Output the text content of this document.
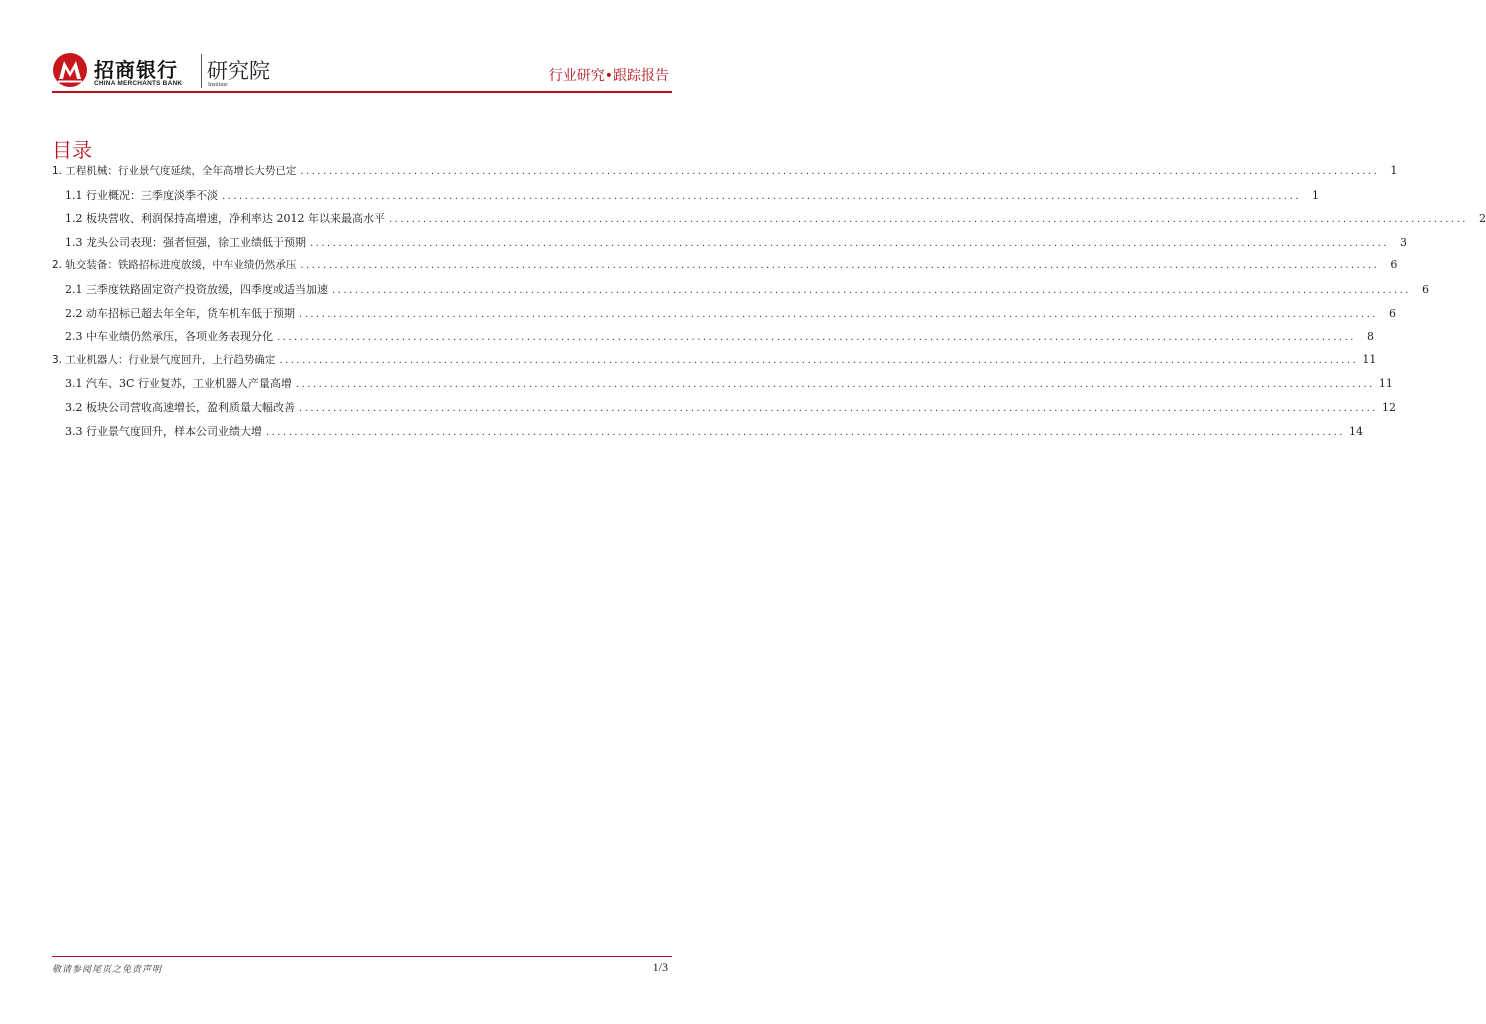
招商银行
CHINA MERCHANTS BANK
研究院
Institute
行业研究•跟踪报告
目录
1. 工程机械：行业景气度延续，全年高增长大势已定 ..............................................................................................................................................................................................	1
1.1 行业概况：三季度淡季不淡 ..............................................................................................................................................................................................	1
1.2 板块营收、利润保持高增速，净利率达 2012 年以来最高水平 ..............................................................................................................................................................................................	2
1.3 龙头公司表现：强者恒强，徐工业绩低于预期 ..............................................................................................................................................................................................	3
2. 轨交装备：铁路招标进度放缓，中车业绩仍然承压 ..............................................................................................................................................................................................	6
2.1 三季度铁路固定资产投资放缓，四季度或适当加速 ..............................................................................................................................................................................................	6
2.2 动车招标已超去年全年，货车机车低于预期 ..............................................................................................................................................................................................	6
2.3 中车业绩仍然承压，各项业务表现分化 ..............................................................................................................................................................................................	8
3. 工业机器人：行业景气度回升，上行趋势确定 .............................................................................................................................................................................................. 11
3.1 汽车、3C 行业复苏，工业机器人产量高增 .............................................................................................................................................................................................. 11
3.2 板块公司营收高速增长，盈利质量大幅改善 .............................................................................................................................................................................................. 12
3.3 行业景气度回升，样本公司业绩大增 .............................................................................................................................................................................................. 14
敬请参阅尾页之免责声明	1/3
